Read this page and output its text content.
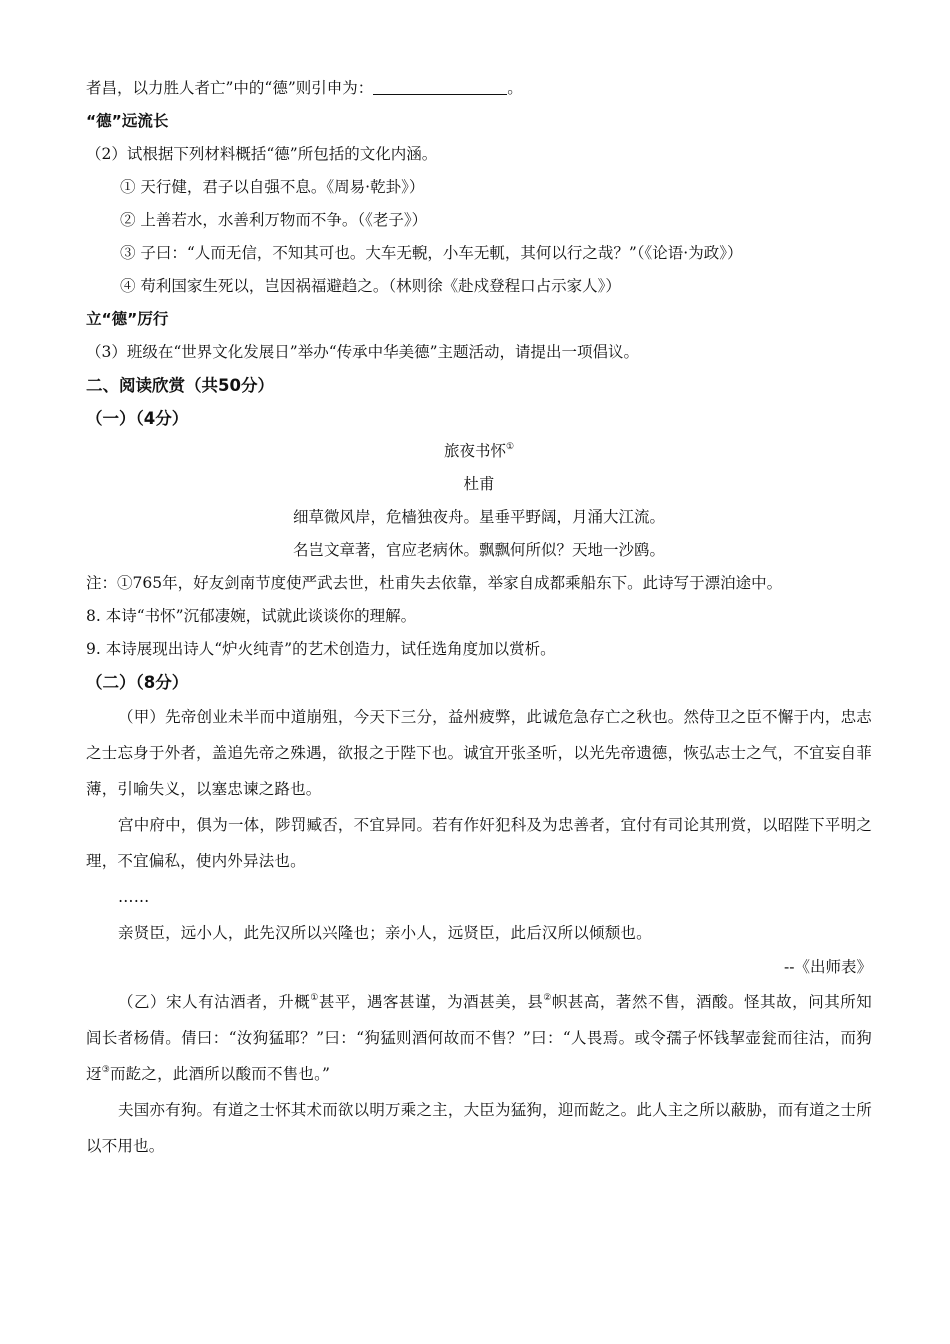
者昌，以力胜人者亡”中的“德”则引申为：	。
“德”远流长
（2）试根据下列材料概括“德”所包括的文化内涵。
① 天行健，君子以自强不息。《周易·乾卦》）
② 上善若水，水善利万物而不争。（《老子》）
③ 子曰：“人而无信，不知其可也。大车无輗，小车无軏，其何以行之哉？”（《论语·为政》）
④ 苟利国家生死以，岂因祸福避趋之。（林则徐《赴戍登程口占示家人》）
立“德”厉行
（3）班级在“世界文化发展日”举办“传承中华美德”主题活动，请提出一项倡议。
二、阅读欣赏（共50分）
（一）（4分）
旅夜书怀①
杜甫
细草微风岸，危樯独夜舟。星垂平野阔，月涌大江流。
名岂文章著，官应老病休。飘飘何所似？天地一沙鸥。
注：①765年，好友剑南节度使严武去世，杜甫失去依靠，举家自成都乘船东下。此诗写于漂泊途中。
8. 本诗“书怀”沉郁凄婉，试就此谈谈你的理解。
9. 本诗展现出诗人“炉火纯青”的艺术创造力，试任选角度加以赏析。
（二）（8分）
（甲）先帝创业未半而中道崩殂，今天下三分，益州疲弊，此诚危急存亡之秋也。然侍卫之臣不懈于内，忠志之士忘身于外者，盖追先帝之殊遇，欲报之于陛下也。诚宜开张圣听，以光先帝遗德，恢弘志士之气，不宜妄自菲薄，引喻失义，以塞忠谏之路也。
宫中府中，俱为一体，陟罚臧否，不宜异同。若有作奸犯科及为忠善者，宜付有司论其刑赏，以昭陛下平明之理，不宜偏私，使内外异法也。
……
亲贤臣，远小人，此先汉所以兴隆也；亲小人，远贤臣，此后汉所以倾颓也。
--《出师表》
（乙）宋人有沽酒者，升概①甚平，遇客甚谨，为酒甚美，县②帜甚高，著然不售，酒酸。怪其故，问其所知闾长者杨倩。倩曰：“汝狗猛耶？”曰：“狗猛则酒何故而不售？”曰：“人畏焉。或令孺子怀钱挈壶瓮而往沽，而狗迓③而龁之，此酒所以酸而不售也。”
夫国亦有狗。有道之士怀其术而欲以明万乘之主，大臣为猛狗，迎而龁之。此人主之所以蔽胁，而有道之士所以不用也。
